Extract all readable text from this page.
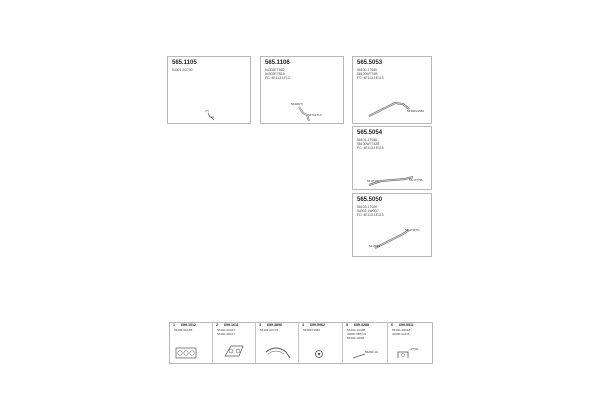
565.1105
54301-2D740
(?)
565.1106
54302E7A82
54302E7B16
FC: 4E113.1F13
54300(?)
54?01T13
565.5053
56100-1T640
56100W774B
FC: 4E113.1E113
56300S1566
565.5054
56103-1T646
56100W7742B
FC: 4E113.1E113
56-0T(?)	56-1T(?)B
565.5050
56103-1T030
54302-1W0D7
FC: 4E113.1E113
54-8T13
56-1T0(?)1
1 699.1012
54405-5A15B
2 699.1611
56100-3U01T
56100-4D617
3 699.3896
54301-2C176
4 699.5962
56309X1565
5 699.3288
56400-1U308
30690 3B5 N1
56300-1W68
56200-1U
6 699.5511
56300-4D018
30090 3A6 B
4(?)01
